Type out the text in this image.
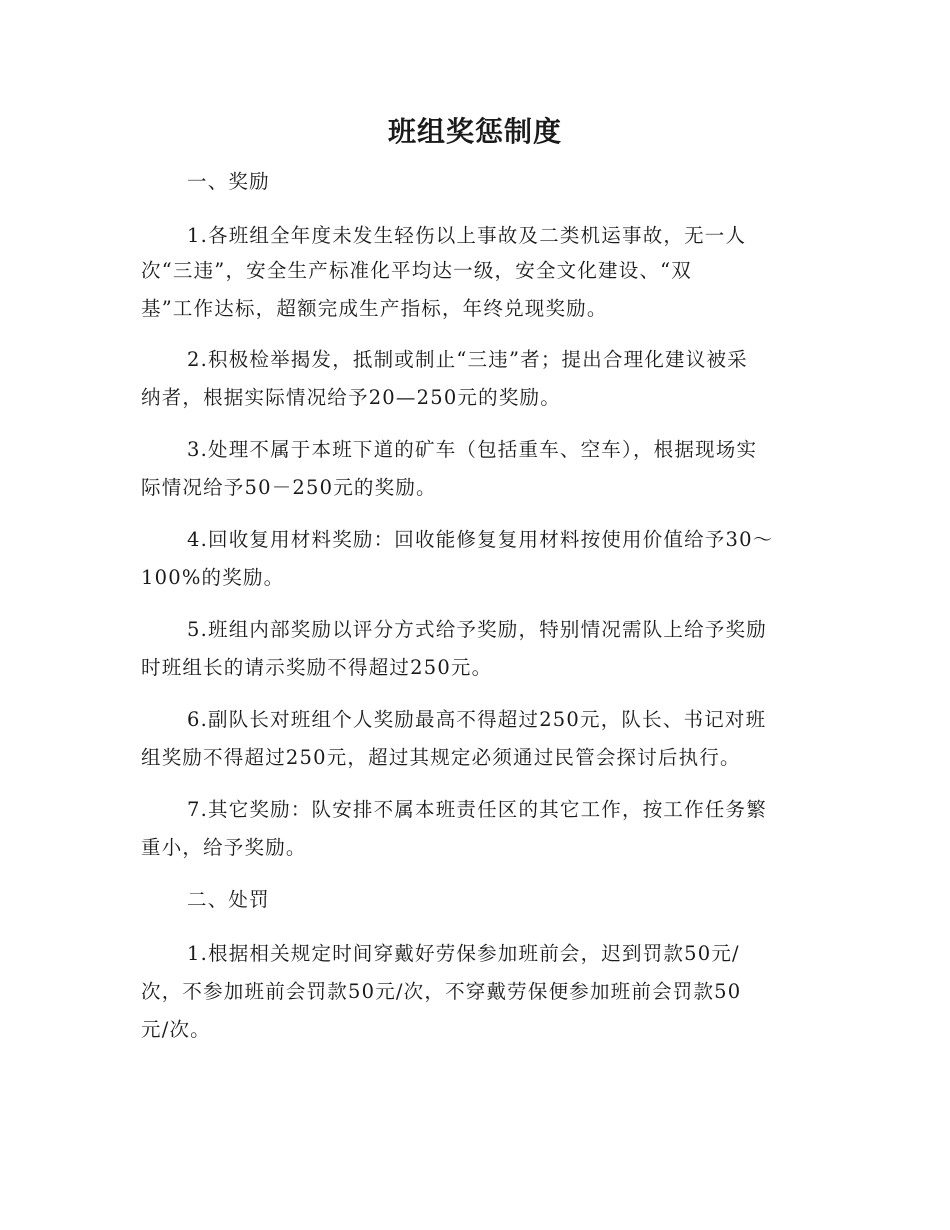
班组奖惩制度

一、奖励

1.各班组全年度未发生轻伤以上事故及二类机运事故，无一人

次“三违”，安全生产标准化平均达一级，安全文化建设、“双

基”工作达标，超额完成生产指标，年终兑现奖励。

2.积极检举揭发，抵制或制止“三违”者；提出合理化建议被采

纳者，根据实际情况给予20—250元的奖励。

3.处理不属于本班下道的矿车（包括重车、空车），根据现场实

际情况给予50－250元的奖励。

4.回收复用材料奖励：回收能修复复用材料按使用价值给予30～

100%的奖励。

5.班组内部奖励以评分方式给予奖励，特别情况需队上给予奖励

时班组长的请示奖励不得超过250元。

6.副队长对班组个人奖励最高不得超过250元，队长、书记对班

组奖励不得超过250元，超过其规定必须通过民管会探讨后执行。

7.其它奖励：队安排不属本班责任区的其它工作，按工作任务繁

重小，给予奖励。

二、处罚

1.根据相关规定时间穿戴好劳保参加班前会，迟到罚款50元/

次，不参加班前会罚款50元/次，不穿戴劳保便参加班前会罚款50

元/次。
